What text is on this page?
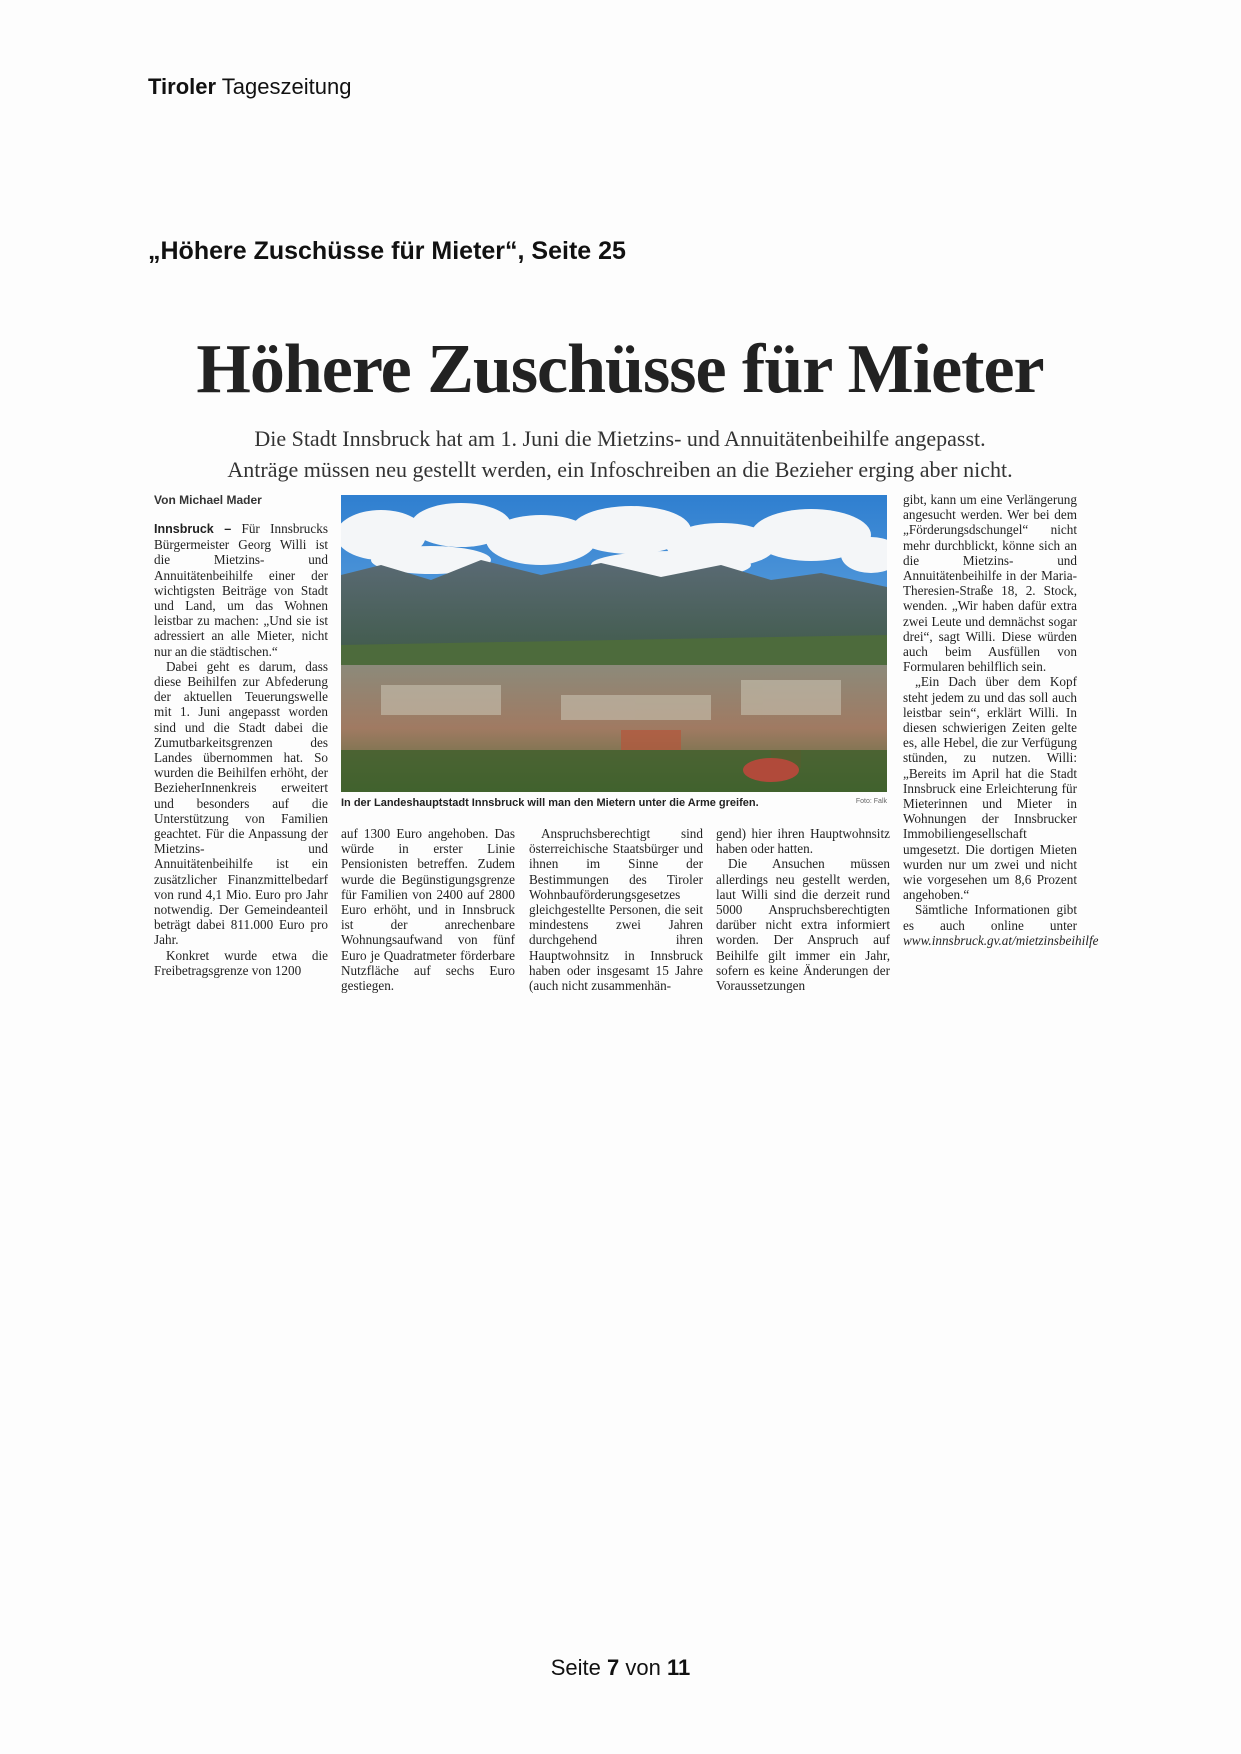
Tiroler Tageszeitung
„Höhere Zuschüsse für Mieter“, Seite 25
Höhere Zuschüsse für Mieter
Die Stadt Innsbruck hat am 1. Juni die Mietzins- und Annuitätenbeihilfe angepasst.
Anträge müssen neu gestellt werden, ein Infoschreiben an die Bezieher erging aber nicht.
Von Michael Mader

Innsbruck – Für Innsbrucks Bürgermeister Georg Willi ist die Mietzins- und Annuitätenbeihilfe einer der wichtigsten Beiträge von Stadt und Land, um das Wohnen leistbar zu machen: „Und sie ist adressiert an alle Mieter, nicht nur an die städtischen.“

Dabei geht es darum, dass diese Beihilfen zur Abfederung der aktuellen Teuerungswelle mit 1. Juni angepasst worden sind und die Stadt dabei die Zumutbarkeitsgrenzen des Landes übernommen hat. So wurden die Beihilfen erhöht, der BezieherInnenkreis erweitert und besonders auf die Unterstützung von Familien geachtet. Für die Anpassung der Mietzins- und Annuitätenbeihilfe ist ein zusätzlicher Finanzmittelbedarf von rund 4,1 Mio. Euro pro Jahr notwendig. Der Gemeindeanteil beträgt dabei 811.000 Euro pro Jahr.

Konkret wurde etwa die Freibetragsgrenze von 1200

In der Landeshauptstadt Innsbruck will man den Mietern unter die Arme greifen.	Foto: Falk

auf 1300 Euro angehoben. Das würde in erster Linie Pensionisten betreffen. Zudem wurde die Begünstigungsgrenze für Familien von 2400 auf 2800 Euro erhöht, und in Innsbruck ist der anrechenbare Wohnungsaufwand von fünf Euro je Quadratmeter förderbare Nutzfläche auf sechs Euro gestiegen.

Anspruchsberechtigt sind österreichische Staatsbürger und ihnen im Sinne der Bestimmungen des Tiroler Wohnbauförderungsgesetzes gleichgestellte Personen, die seit mindestens zwei Jahren durchgehend ihren Hauptwohnsitz in Innsbruck haben oder insgesamt 15 Jahre (auch nicht zusammenhän-

gend) hier ihren Hauptwohnsitz haben oder hatten.

Die Ansuchen müssen allerdings neu gestellt werden, laut Willi sind die derzeit rund 5000 Anspruchsberechtigten darüber nicht extra informiert worden. Der Anspruch auf Beihilfe gilt immer ein Jahr, sofern es keine Änderungen der Voraussetzungen

gibt, kann um eine Verlängerung angesucht werden. Wer bei dem „Förderungsdschungel“ nicht mehr durchblickt, könne sich an die Mietzins- und Annuitätenbeihilfe in der Maria-Theresien-Straße 18, 2. Stock, wenden. „Wir haben dafür extra zwei Leute und demnächst sogar drei“, sagt Willi. Diese würden auch beim Ausfüllen von Formularen behilflich sein.

„Ein Dach über dem Kopf steht jedem zu und das soll auch leistbar sein“, erklärt Willi. In diesen schwierigen Zeiten gelte es, alle Hebel, die zur Verfügung stünden, zu nutzen. Willi: „Bereits im April hat die Stadt Innsbruck eine Erleichterung für Mieterinnen und Mieter in Wohnungen der Innsbrucker Immobiliengesellschaft umgesetzt. Die dortigen Mieten wurden nur um zwei und nicht wie vorgesehen um 8,6 Prozent angehoben.“

Sämtliche Informationen gibt es auch online unter www.innsbruck.gv.at/mietzinsbeihilfe

Seite 7 von 11
